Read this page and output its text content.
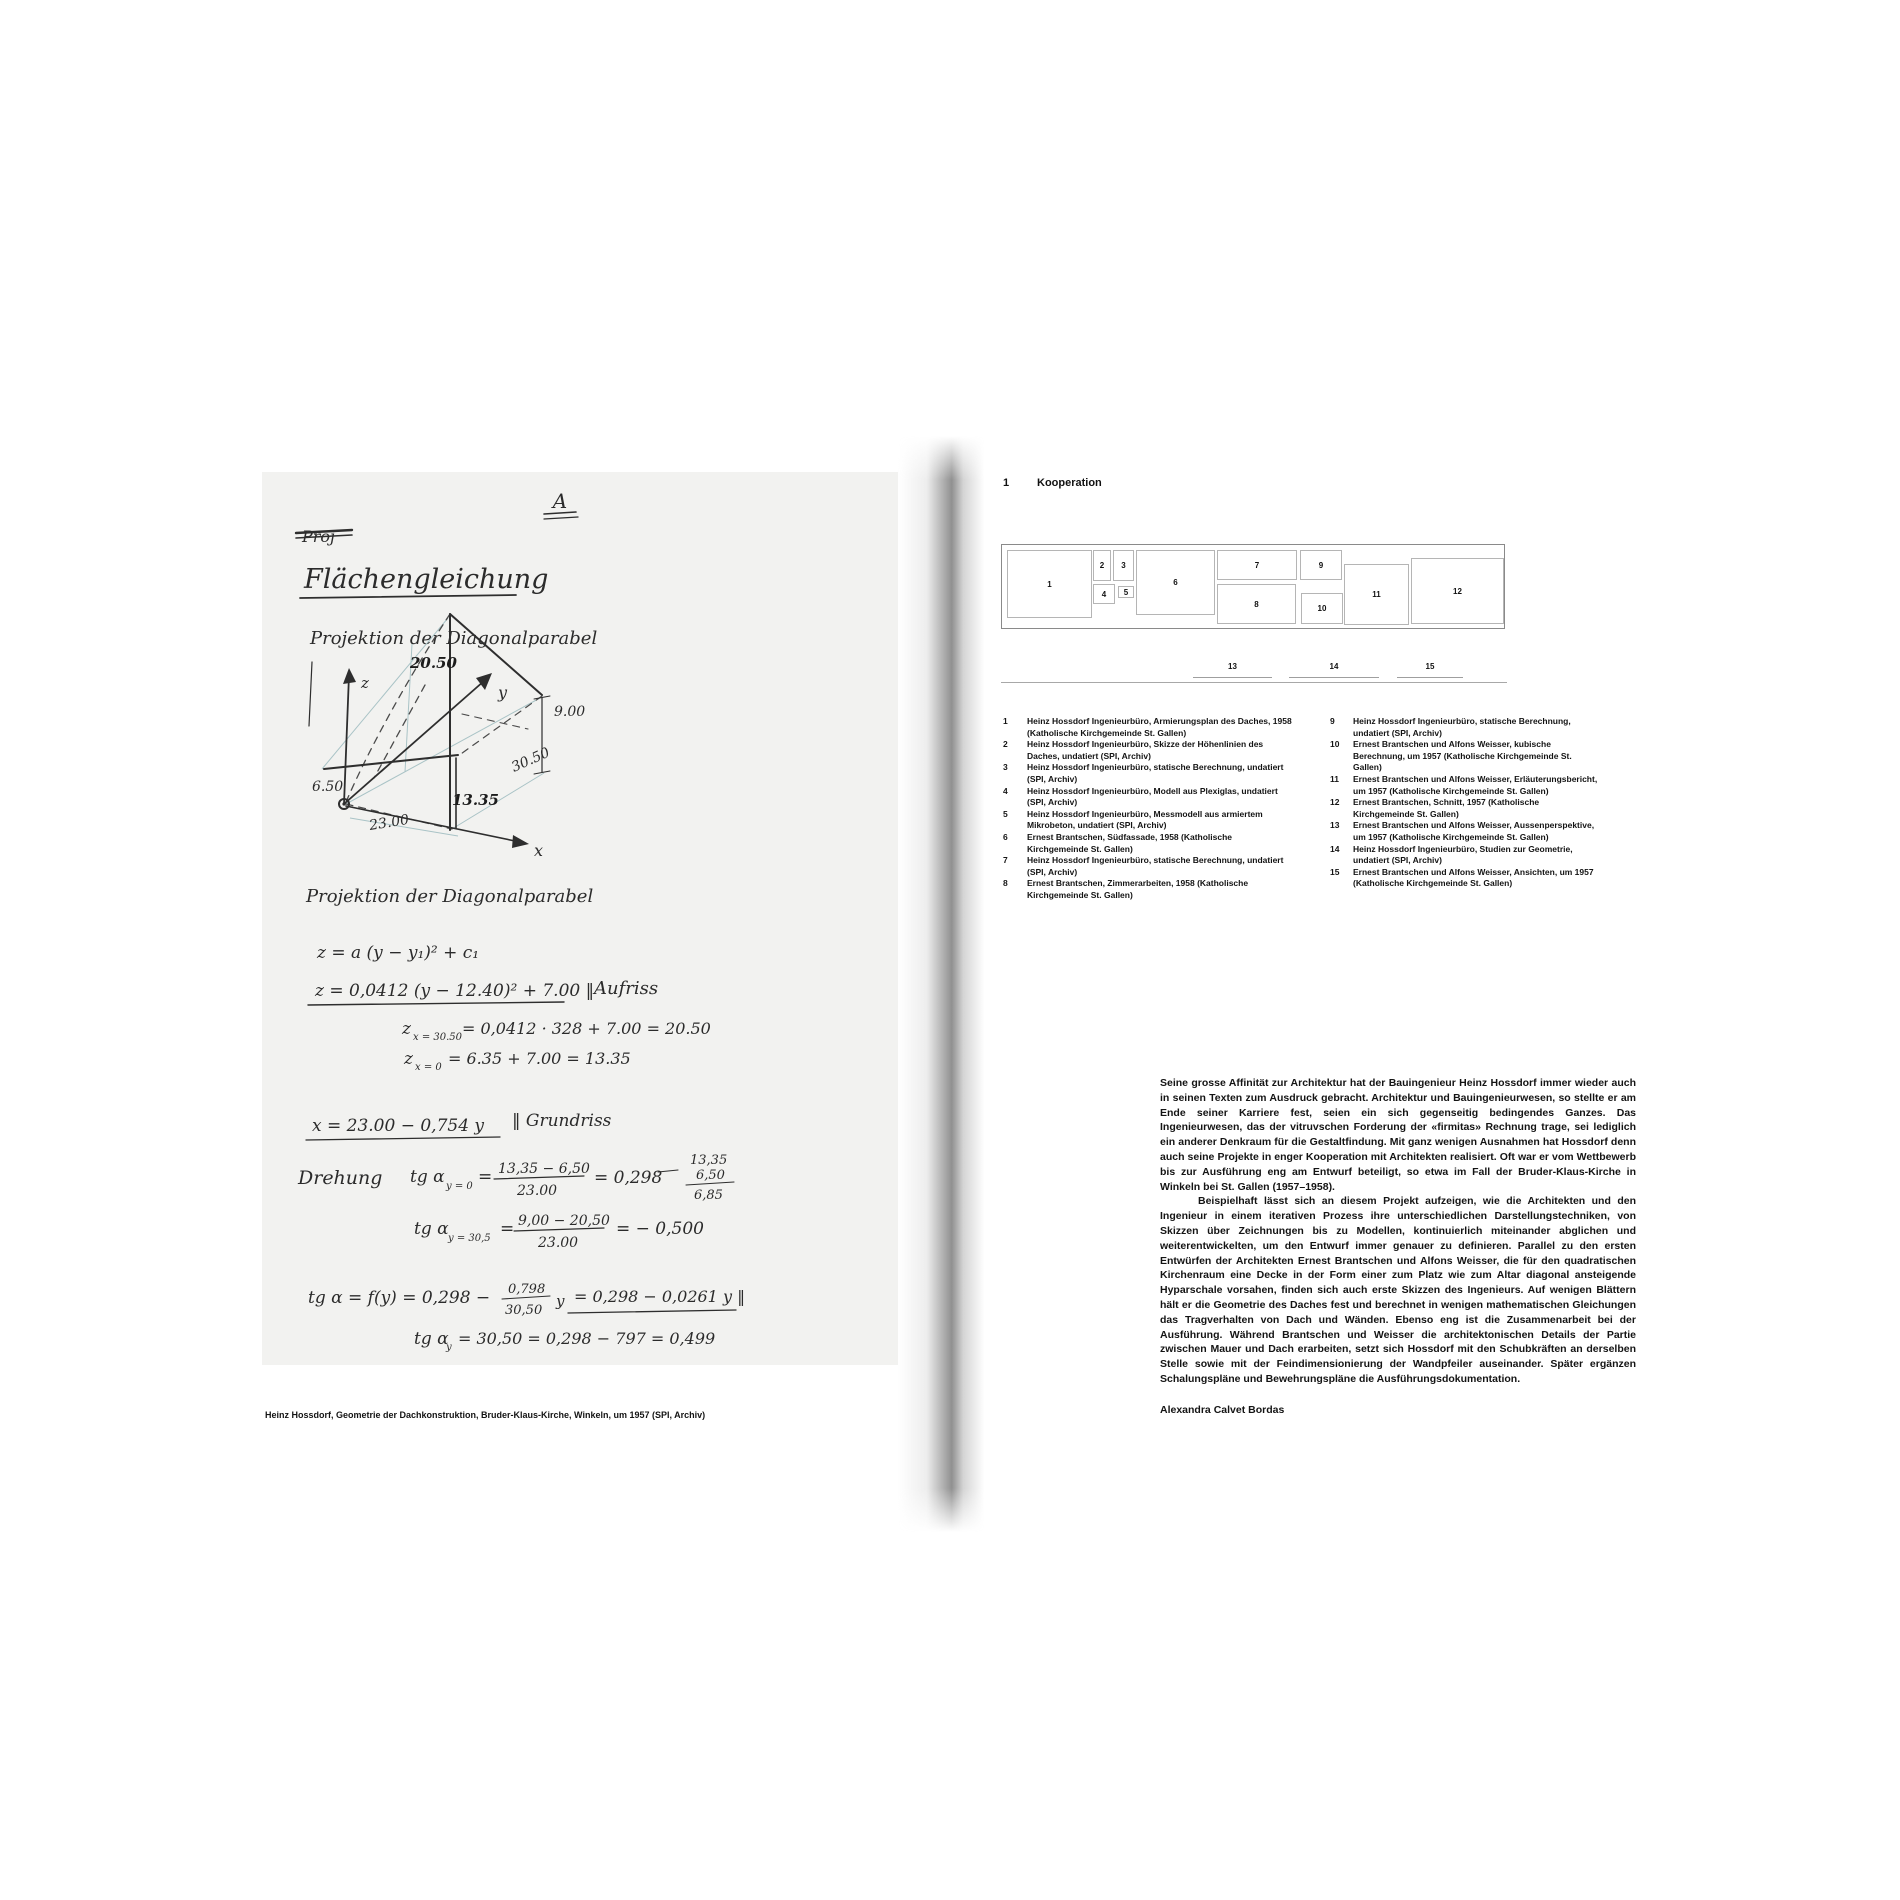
A
Proj
Flächengleichung
Projektion der Diagonalparabel
z	y
x
20.50
9.00
30.50
6.50
23.00
13.35
Projektion der Diagonalparabel
z = a (y − y₁)² + c₁
z = 0,0412 (y − 12.40)² + 7.00 ‖ Aufriss
z x = 30.50 = 0,0412 · 328 + 7.00 = 20.50
z x = 0 = 6.35 + 7.00 = 13.35
x = 23.00 − 0,754 y ‖ Grundriss
Drehung tg α y = 0 = 13,35 − 6,50
23.00
= 0,298
13,35
6,50
6,85
tg α y = 30,5 = 9,00 − 20,50
23.00
= − 0,500
tg α = f(y) = 0,298 − 0,798
30,50
y = 0,298 − 0,0261 y ‖
tg α
y = 30,50 = 0,298 − 797 = 0,499
Heinz Hossdorf, Geometrie der Dachkonstruktion, Bruder-Klaus-Kirche, Winkeln, um 1957 (SPI, Archiv)
1	Kooperation
1
2	3
4	5
6
7
8
9
10
11	12
13	14	15
1	Heinz Hossdorf Ingenieurbüro, Armierungsplan des Daches, 1958 (Katholische Kirchgemeinde St. Gallen)
2	Heinz Hossdorf Ingenieurbüro, Skizze der Höhenlinien des Daches, undatiert (SPI, Archiv)
3	Heinz Hossdorf Ingenieurbüro, statische Berechnung, undatiert (SPI, Archiv)
4	Heinz Hossdorf Ingenieurbüro, Modell aus Plexiglas, undatiert (SPI, Archiv)
5	Heinz Hossdorf Ingenieurbüro, Messmodell aus armiertem Mikrobeton, undatiert (SPI, Archiv)
6	Ernest Brantschen, Südfassade, 1958 (Katholische Kirchgemeinde St. Gallen)
7	Heinz Hossdorf Ingenieurbüro, statische Berechnung, undatiert (SPI, Archiv)
8	Ernest Brantschen, Zimmerarbeiten, 1958 (Katholische Kirchgemeinde St. Gallen)
9	Heinz Hossdorf Ingenieurbüro, statische Berechnung, undatiert (SPI, Archiv)
10	Ernest Brantschen und Alfons Weisser, kubische Berechnung, um 1957 (Katholische Kirchgemeinde St. Gallen)
11	Ernest Brantschen und Alfons Weisser, Erläuterungsbericht, um 1957 (Katholische Kirchgemeinde St. Gallen)
12	Ernest Brantschen, Schnitt, 1957 (Katholische Kirchgemeinde St. Gallen)
13	Ernest Brantschen und Alfons Weisser, Aussenperspektive, um 1957 (Katholische Kirchgemeinde St. Gallen)
14	Heinz Hossdorf Ingenieurbüro, Studien zur Geometrie, undatiert (SPI, Archiv)
15	Ernest Brantschen und Alfons Weisser, Ansichten, um 1957 (Katholische Kirchgemeinde St. Gallen)

Seine grosse Affinität zur Architektur hat der Bauingenieur Heinz Hossdorf immer wieder auch in seinen Texten zum Ausdruck gebracht. Architektur und Bauingenieurwesen, so stellte er am Ende seiner Karriere fest, seien ein sich gegenseitig bedingendes Ganzes. Das Ingenieurwesen, das der vitruvschen Forderung der «firmitas» Rechnung trage, sei lediglich ein anderer Denkraum für die Gestaltfindung. Mit ganz wenigen Ausnahmen hat Hossdorf denn auch seine Projekte in enger Kooperation mit Architekten realisiert. Oft war er vom Wettbewerb bis zur Ausführung eng am Entwurf beteiligt, so etwa im Fall der Bruder-Klaus-Kirche in Winkeln bei St. Gallen (1957–1958).

Beispielhaft lässt sich an diesem Projekt aufzeigen, wie die Architekten und den Ingenieur in einem iterativen Prozess ihre unterschiedlichen Darstellungstechniken, von Skizzen über Zeichnungen bis zu Modellen, kontinuierlich miteinander abglichen und weiterentwickelten, um den Entwurf immer genauer zu definieren. Parallel zu den ersten Entwürfen der Architekten Ernest Brantschen und Alfons Weisser, die für den quadratischen Kirchenraum eine Decke in der Form einer zum Platz wie zum Altar diagonal ansteigende Hyparschale vorsahen, finden sich auch erste Skizzen des Ingenieurs. Auf wenigen Blättern hält er die Geometrie des Daches fest und berechnet in wenigen mathematischen Gleichungen das Tragverhalten von Dach und Wänden. Ebenso eng ist die Zusammenarbeit bei der Ausführung. Während Brantschen und Weisser die architektonischen Details der Partie zwischen Mauer und Dach erarbeiten, setzt sich Hossdorf mit den Schubkräften an derselben Stelle sowie mit der Feindimensionierung der Wandpfeiler auseinander. Später ergänzen Schalungspläne und Bewehrungspläne die Ausführungsdokumentation.

Alexandra Calvet Bordas
